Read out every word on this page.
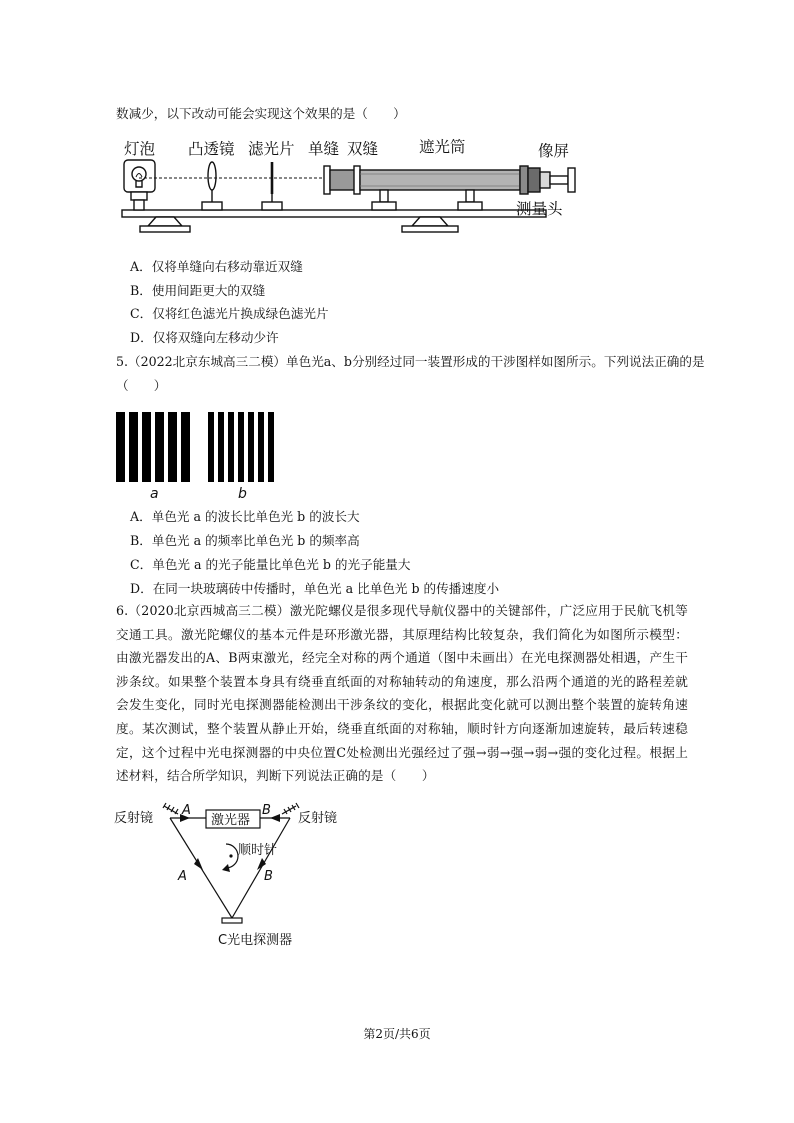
数减少，以下改动可能会实现这个效果的是（　　）
灯泡 凸透镜 滤光片 单缝 双缝	遮光筒	像屏
测量头
A．仅将单缝向右移动靠近双缝
B．使用间距更大的双缝
C．仅将红色滤光片换成绿色滤光片
D．仅将双缝向左移动少许
5.（2022北京东城高三二模）单色光a、b分别经过同一装置形成的干涉图样如图所示。下列说法正确的是
（　　）
a	b
A．单色光 a 的波长比单色光 b 的波长大
B．单色光 a 的频率比单色光 b 的频率高
C．单色光 a 的光子能量比单色光 b 的光子能量大
D．在同一块玻璃砖中传播时，单色光 a 比单色光 b 的传播速度小
6.（2020北京西城高三二模）激光陀螺仪是很多现代导航仪器中的关键部件，广泛应用于民航飞机等交通工具。激光陀螺仪的基本元件是环形激光器，其原理结构比较复杂，我们简化为如图所示模型：由激光器发出的A、B两束激光，经完全对称的两个通道（图中未画出）在光电探测器处相遇，产生干涉条纹。如果整个装置本身具有绕垂直纸面的对称轴转动的角速度，那么沿两个通道的光的路程差就会发生变化，同时光电探测器能检测出干涉条纹的变化，根据此变化就可以测出整个装置的旋转角速度。某次测试，整个装置从静止开始，绕垂直纸面的对称轴，顺时针方向逐渐加速旋转，最后转速稳定，这个过程中光电探测器的中央位置C处检测出光强经过了强→弱→强→弱→强的变化过程。根据上述材料，结合所学知识，判断下列说法正确的是（　　）
反射镜	反射镜
激光器
A	B
A	B
顺时针
C光电探测器
第2页/共6页
